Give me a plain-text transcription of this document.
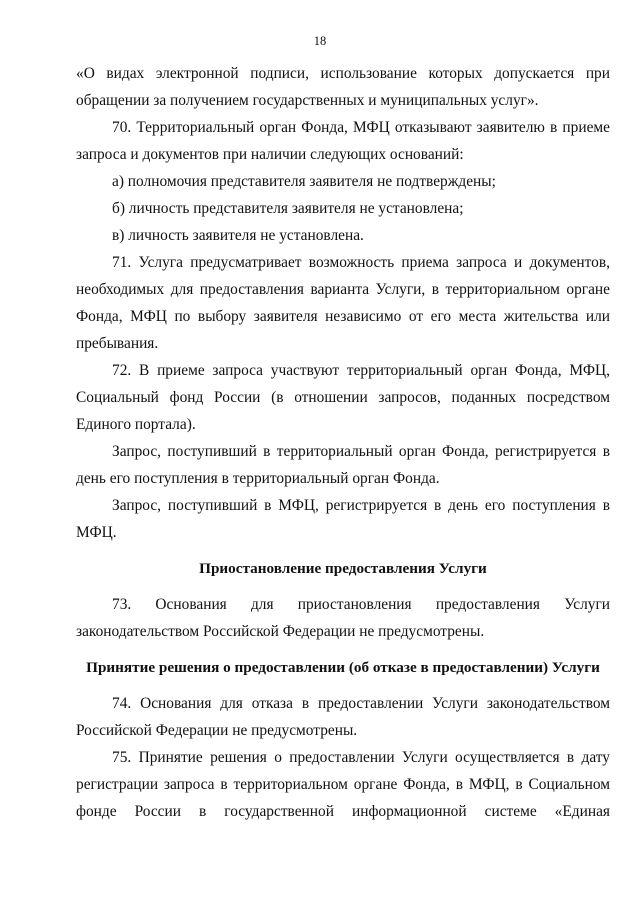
18

«О видах электронной подписи, использование которых допускается при обращении за получением государственных и муниципальных услуг».

70. Территориальный орган Фонда, МФЦ отказывают заявителю в приеме запроса и документов при наличии следующих оснований:

а) полномочия представителя заявителя не подтверждены;

б) личность представителя заявителя не установлена;

в) личность заявителя не установлена.

71. Услуга предусматривает возможность приема запроса и документов, необходимых для предоставления варианта Услуги, в территориальном органе Фонда, МФЦ по выбору заявителя независимо от его места жительства или пребывания.

72. В приеме запроса участвуют территориальный орган Фонда, МФЦ, Социальный фонд России (в отношении запросов, поданных посредством Единого портала).

Запрос, поступивший в территориальный орган Фонда, регистрируется в день его поступления в территориальный орган Фонда.

Запрос, поступивший в МФЦ, регистрируется в день его поступления в МФЦ.

Приостановление предоставления Услуги

73. Основания для приостановления предоставления Услуги законодательством Российской Федерации не предусмотрены.

Принятие решения о предоставлении (об отказе в предоставлении) Услуги

74. Основания для отказа в предоставлении Услуги законодательством Российской Федерации не предусмотрены.

75. Принятие решения о предоставлении Услуги осуществляется в дату регистрации запроса в территориальном органе Фонда, в МФЦ, в Социальном фонде России в государственной информационной системе «Единая
